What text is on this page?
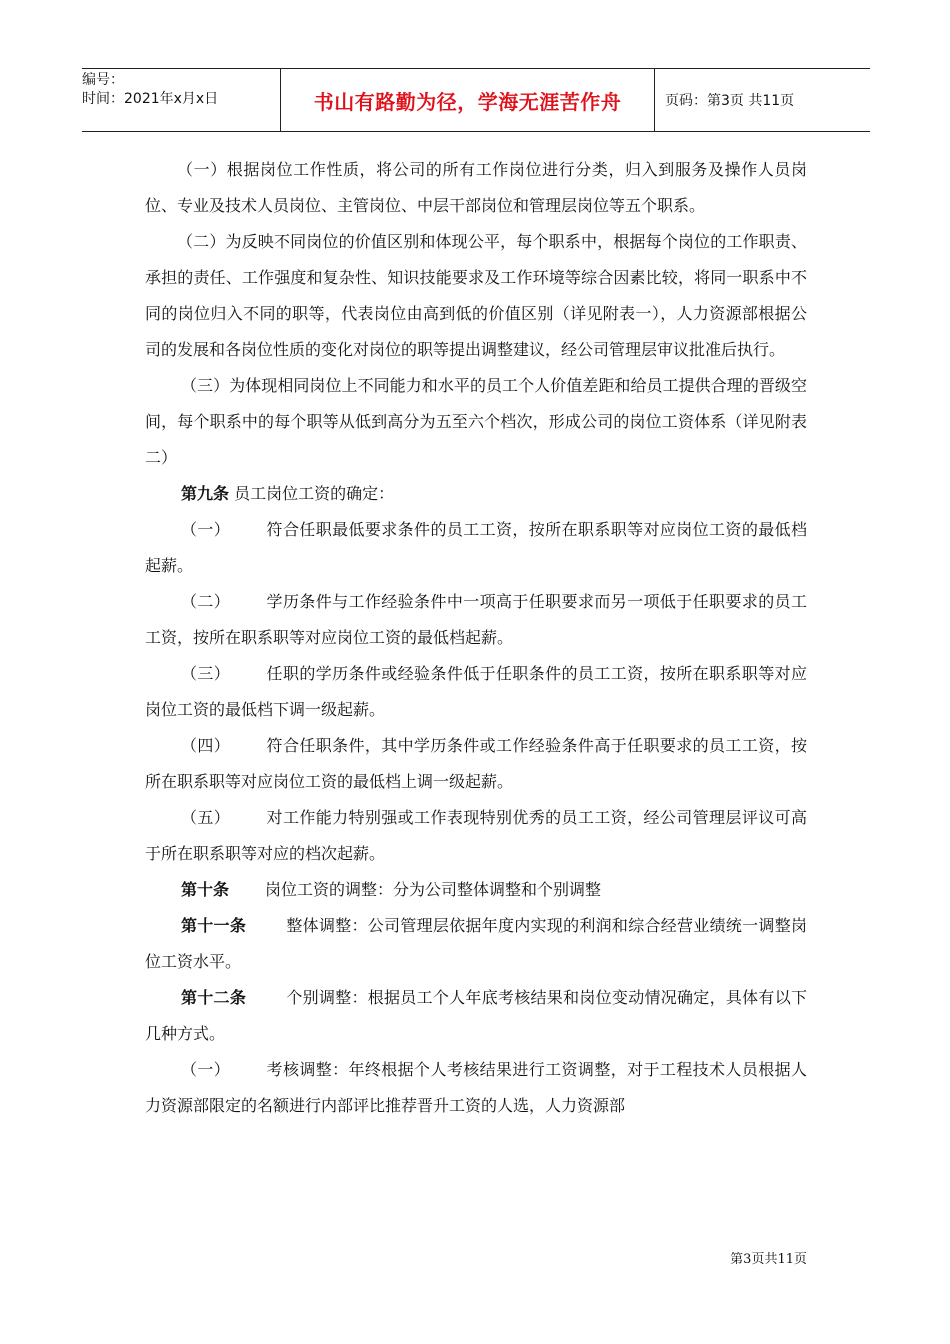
编号：
时间：2021年x月x日	书山有路勤为径，学海无涯苦作舟	页码：第3页 共11页

（一）根据岗位工作性质，将公司的所有工作岗位进行分类，归入到服务及操作人员岗位、专业及技术人员岗位、主管岗位、中层干部岗位和管理层岗位等五个职系。

（二）为反映不同岗位的价值区别和体现公平，每个职系中，根据每个岗位的工作职责、承担的责任、工作强度和复杂性、知识技能要求及工作环境等综合因素比较，将同一职系中不同的岗位归入不同的职等，代表岗位由高到低的价值区别（详见附表一），人力资源部根据公司的发展和各岗位性质的变化对岗位的职等提出调整建议，经公司管理层审议批准后执行。

（三）为体现相同岗位上不同能力和水平的员工个人价值差距和给员工提供合理的晋级空间，每个职系中的每个职等从低到高分为五至六个档次，形成公司的岗位工资体系（详见附表二）

第九条 员工岗位工资的确定：

（一） 符合任职最低要求条件的员工工资，按所在职系职等对应岗位工资的最低档起薪。

（二） 学历条件与工作经验条件中一项高于任职要求而另一项低于任职要求的员工工资，按所在职系职等对应岗位工资的最低档起薪。

（三） 任职的学历条件或经验条件低于任职条件的员工工资，按所在职系职等对应岗位工资的最低档下调一级起薪。

（四） 符合任职条件，其中学历条件或工作经验条件高于任职要求的员工工资，按所在职系职等对应岗位工资的最低档上调一级起薪。

（五） 对工作能力特别强或工作表现特别优秀的员工工资，经公司管理层评议可高于所在职系职等对应的档次起薪。

第十条 岗位工资的调整：分为公司整体调整和个别调整

第十一条	整体调整：公司管理层依据年度内实现的利润和综合经营业绩统一调整岗位工资水平。

第十二条	个别调整：根据员工个人年底考核结果和岗位变动情况确定，具体有以下几种方式。

（一） 考核调整：年终根据个人考核结果进行工资调整，对于工程技术人员根据人力资源部限定的名额进行内部评比推荐晋升工资的人选，人力资源部

第3页共11页
